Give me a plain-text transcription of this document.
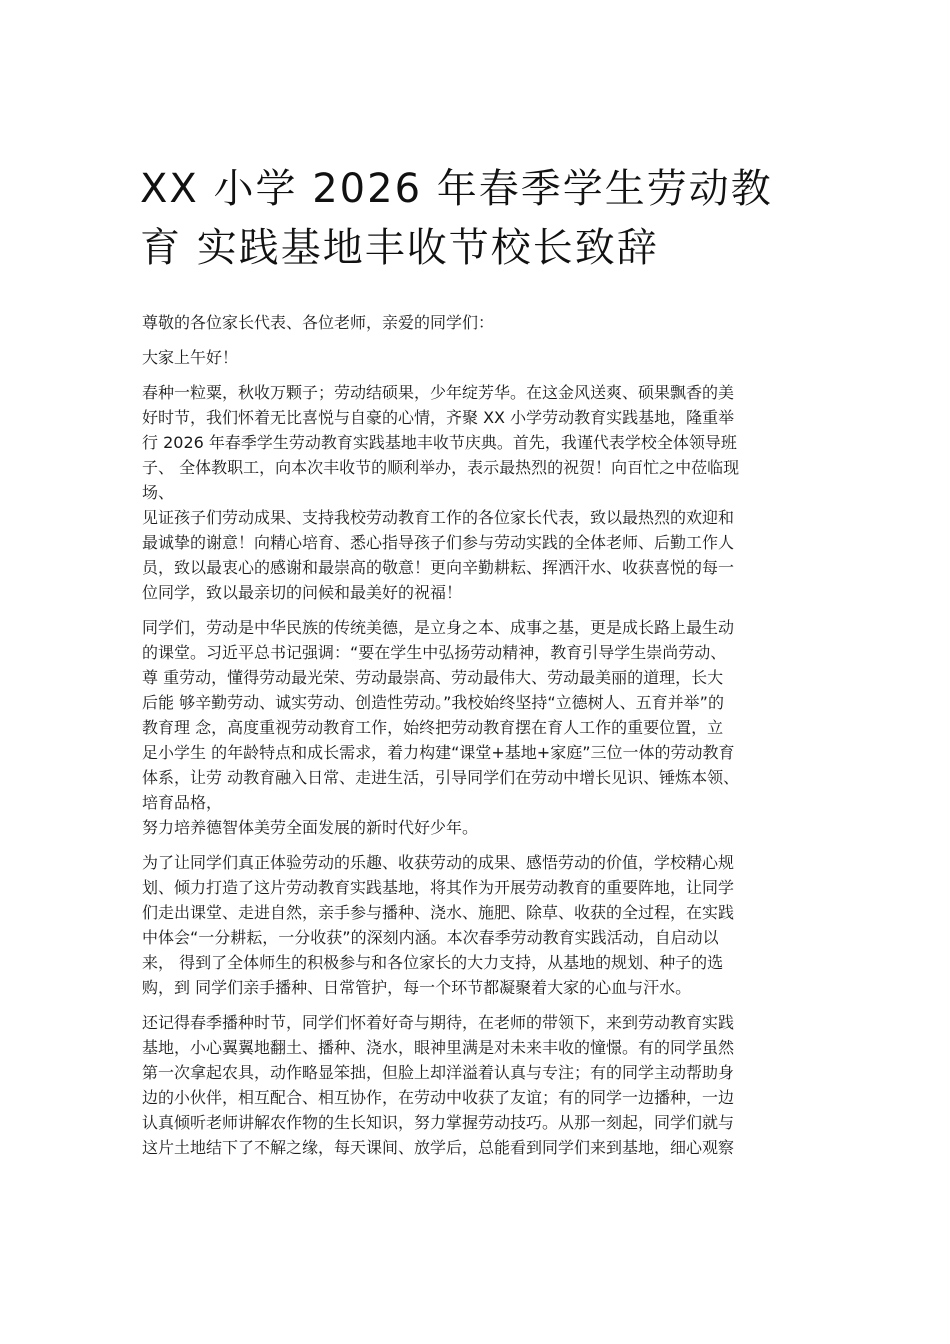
XX 小学 2026 年春季学生劳动教
育 实践基地丰收节校长致辞

尊敬的各位家长代表、各位老师，亲爱的同学们：

大家上午好！

春种一粒粟，秋收万颗子；劳动结硕果，少年绽芳华。在这金风送爽、硕果飘香的美
好时节，我们怀着无比喜悦与自豪的心情，齐聚 XX 小学劳动教育实践基地，隆重举
行 2026 年春季学生劳动教育实践基地丰收节庆典。首先，我谨代表学校全体领导班
子、 全体教职工，向本次丰收节的顺利举办，表示最热烈的祝贺！向百忙之中莅临现
场、
见证孩子们劳动成果、支持我校劳动教育工作的各位家长代表，致以最热烈的欢迎和
最诚挚的谢意！向精心培育、悉心指导孩子们参与劳动实践的全体老师、后勤工作人
员，致以最衷心的感谢和最崇高的敬意！更向辛勤耕耘、挥洒汗水、收获喜悦的每一
位同学，致以最亲切的问候和最美好的祝福！

同学们，劳动是中华民族的传统美德，是立身之本、成事之基，更是成长路上最生动
的课堂。习近平总书记强调：“要在学生中弘扬劳动精神，教育引导学生崇尚劳动、
尊 重劳动，懂得劳动最光荣、劳动最崇高、劳动最伟大、劳动最美丽的道理，长大
后能 够辛勤劳动、诚实劳动、创造性劳动。”我校始终坚持“立德树人、五育并举”的
教育理 念，高度重视劳动教育工作，始终把劳动教育摆在育人工作的重要位置，立
足小学生 的年龄特点和成长需求，着力构建“课堂+基地+家庭”三位一体的劳动教育
体系，让劳 动教育融入日常、走进生活，引导同学们在劳动中增长见识、锤炼本领、
培育品格，
努力培养德智体美劳全面发展的新时代好少年。

为了让同学们真正体验劳动的乐趣、收获劳动的成果、感悟劳动的价值，学校精心规
划、倾力打造了这片劳动教育实践基地，将其作为开展劳动教育的重要阵地，让同学
们走出课堂、走进自然，亲手参与播种、浇水、施肥、除草、收获的全过程，在实践
中体会“一分耕耘，一分收获”的深刻内涵。本次春季劳动教育实践活动，自启动以
来， 得到了全体师生的积极参与和各位家长的大力支持，从基地的规划、种子的选
购，到 同学们亲手播种、日常管护，每一个环节都凝聚着大家的心血与汗水。

还记得春季播种时节，同学们怀着好奇与期待，在老师的带领下，来到劳动教育实践
基地，小心翼翼地翻土、播种、浇水，眼神里满是对未来丰收的憧憬。有的同学虽然
第一次拿起农具，动作略显笨拙，但脸上却洋溢着认真与专注；有的同学主动帮助身
边的小伙伴，相互配合、相互协作，在劳动中收获了友谊；有的同学一边播种，一边
认真倾听老师讲解农作物的生长知识，努力掌握劳动技巧。从那一刻起，同学们就与
这片土地结下了不解之缘，每天课间、放学后，总能看到同学们来到基地，细心观察
